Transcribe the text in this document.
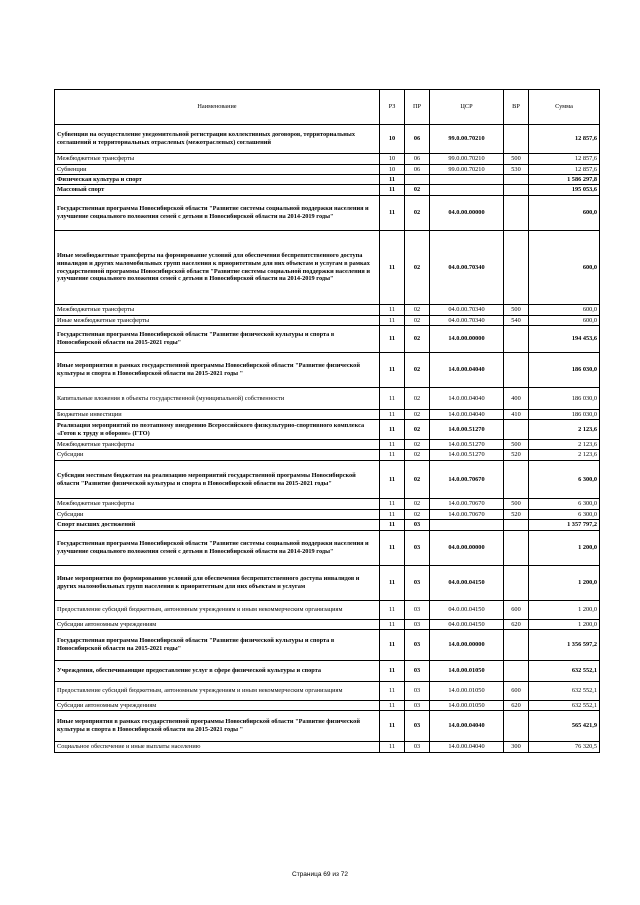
Наименование	РЗ	ПР	ЦСР	ВР	Сумма
Субвенция на осуществление уведомительной регистрации коллективных договоров, территориальных соглашений и территориальных отраслевых (межотраслевых) соглашений	10	06	99.0.00.70210		12 857,6
Межбюджетные трансферты	10	06	99.0.00.70210	500	12 857,6
Субвенции	10	06	99.0.00.70210	530	12 857,6
Физическая культура и спорт	11				1 586 297,8
Массовый спорт	11	02			195 053,6
Государственная программа Новосибирской области "Развитие системы социальной поддержки населения и улучшение социального положения семей с детьми в Новосибирской области на 2014-2019 годы"	11	02	04.0.00.00000		600,0
Иные межбюджетные трансферты на формирование условий для обеспечения беспрепятственного доступа инвалидов и других маломобильных групп населения к приоритетным для них объектам и услугам в рамках государственной программы Новосибирской области "Развитие системы социальной поддержки населения и улучшение социального положения семей с детьми в Новосибирской области на 2014-2019 годы"	11	02	04.0.00.70340		600,0
Межбюджетные трансферты	11	02	04.0.00.70340	500	600,0
Иные межбюджетные трансферты	11	02	04.0.00.70340	540	600,0
Государственная программа Новосибирской области "Развитие физической культуры и спорта в Новосибирской области на 2015-2021 годы"	11	02	14.0.00.00000		194 453,6
Иные мероприятия в рамках государственной программы Новосибирской области "Развитие физической культуры и спорта в Новосибирской области на 2015-2021 годы "	11	02	14.0.00.04040		186 030,0
Капитальные вложения в объекты государственной (муниципальной) собственности	11	02	14.0.00.04040	400	186 030,0
Бюджетные инвестиции	11	02	14.0.00.04040	410	186 030,0
Реализация мероприятий по поэтапному внедрению Всероссийского физкультурно-спортивного комплекса «Готов к труду и обороне» (ГТО)	11	02	14.0.00.51270		2 123,6
Межбюджетные трансферты	11	02	14.0.00.51270	500	2 123,6
Субсидии	11	02	14.0.00.51270	520	2 123,6
Субсидии местным бюджетам на реализацию мероприятий государственной программы Новосибирской области "Развитие физической культуры и спорта в Новосибирской области на 2015-2021 годы"	11	02	14.0.00.70670		6 300,0
Межбюджетные трансферты	11	02	14.0.00.70670	500	6 300,0
Субсидии	11	02	14.0.00.70670	520	6 300,0
Спорт высших достижений	11	03			1 357 797,2
Государственная программа Новосибирской области "Развитие системы социальной поддержки населения и улучшение социального положения семей с детьми в Новосибирской области на 2014-2019 годы"	11	03	04.0.00.00000		1 200,0
Иные мероприятия по формированию условий для обеспечения беспрепятственного доступа инвалидов и других маломобильных групп населения к приоритетным для них объектам и услугам	11	03	04.0.00.04150		1 200,0
Предоставление субсидий бюджетным, автономным учреждениям и иным некоммерческим организациям	11	03	04.0.00.04150	600	1 200,0
Субсидии автономным учреждениям	11	03	04.0.00.04150	620	1 200,0
Государственная программа Новосибирской области "Развитие физической культуры и спорта в Новосибирской области на 2015-2021 годы"	11	03	14.0.00.00000		1 356 597,2
Учреждения, обеспечивающие предоставление услуг в сфере физической культуры и спорта	11	03	14.0.00.01050		632 552,1
Предоставление субсидий бюджетным, автономным учреждениям и иным некоммерческим организациям	11	03	14.0.00.01050	600	632 552,1
Субсидии автономным учреждениям	11	03	14.0.00.01050	620	632 552,1
Иные мероприятия в рамках государственной программы Новосибирской области "Развитие физической культуры и спорта в Новосибирской области на 2015-2021 годы "	11	03	14.0.00.04040		565 421,9
Социальное обеспечение и иные выплаты населению	11	03	14.0.00.04040	300	76 320,5
Страница 69 из 72
